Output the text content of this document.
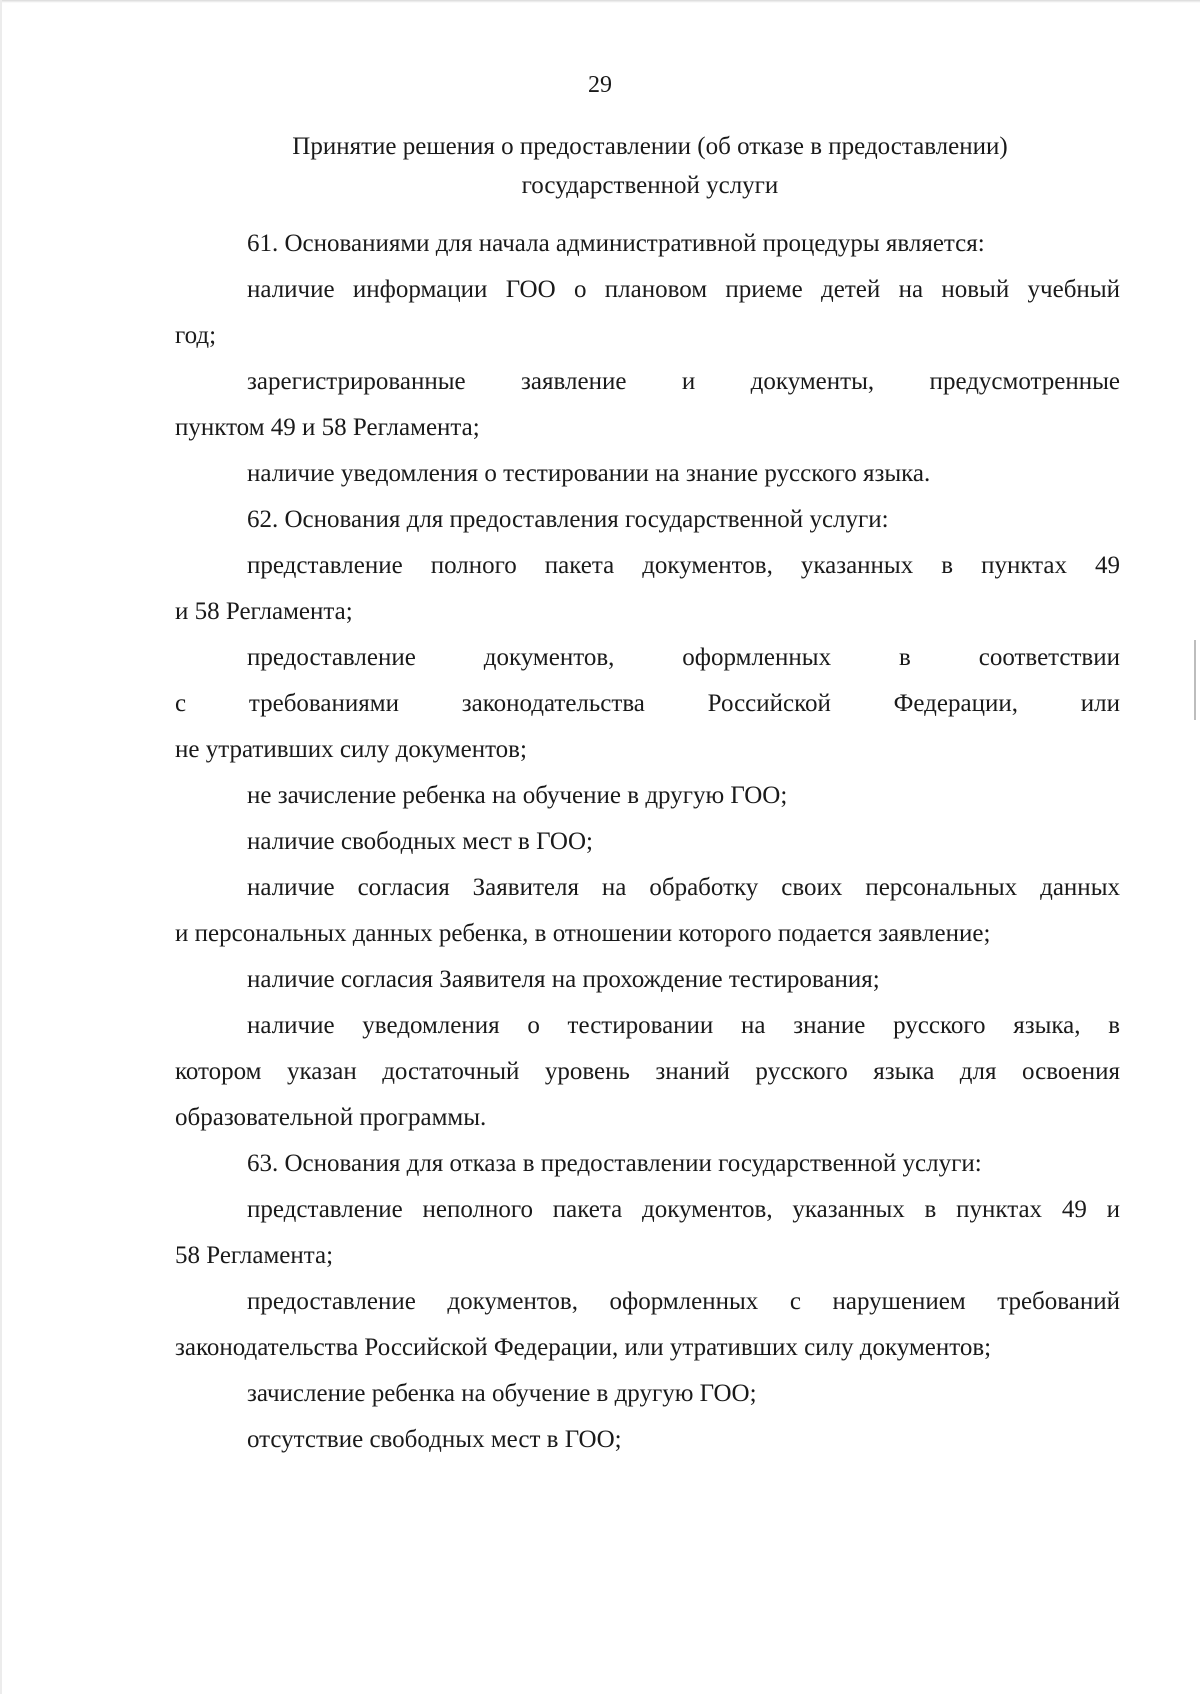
29
Принятие решения о предоставлении (об отказе в предоставлении)
государственной услуги
61. Основаниями для начала административной процедуры является:
наличие информации ГОО о плановом приеме детей на новый учебный
год;
зарегистрированные заявление и документы, предусмотренные
пунктом 49 и 58 Регламента;
наличие уведомления о тестировании на знание русского языка.
62. Основания для предоставления государственной услуги:
представление полного пакета документов, указанных в пунктах 49
и 58 Регламента;
предоставление документов, оформленных в соответствии
с требованиями законодательства Российской Федерации, или
не утративших силу документов;
не зачисление ребенка на обучение в другую ГОО;
наличие свободных мест в ГОО;
наличие согласия Заявителя на обработку своих персональных данных
и персональных данных ребенка, в отношении которого подается заявление;
наличие согласия Заявителя на прохождение тестирования;
наличие уведомления о тестировании на знание русского языка, в
котором указан достаточный уровень знаний русского языка для освоения
образовательной программы.
63. Основания для отказа в предоставлении государственной услуги:
представление неполного пакета документов, указанных в пунктах 49 и
58 Регламента;
предоставление документов, оформленных с нарушением требований
законодательства Российской Федерации, или утративших силу документов;
зачисление ребенка на обучение в другую ГОО;
отсутствие свободных мест в ГОО;
